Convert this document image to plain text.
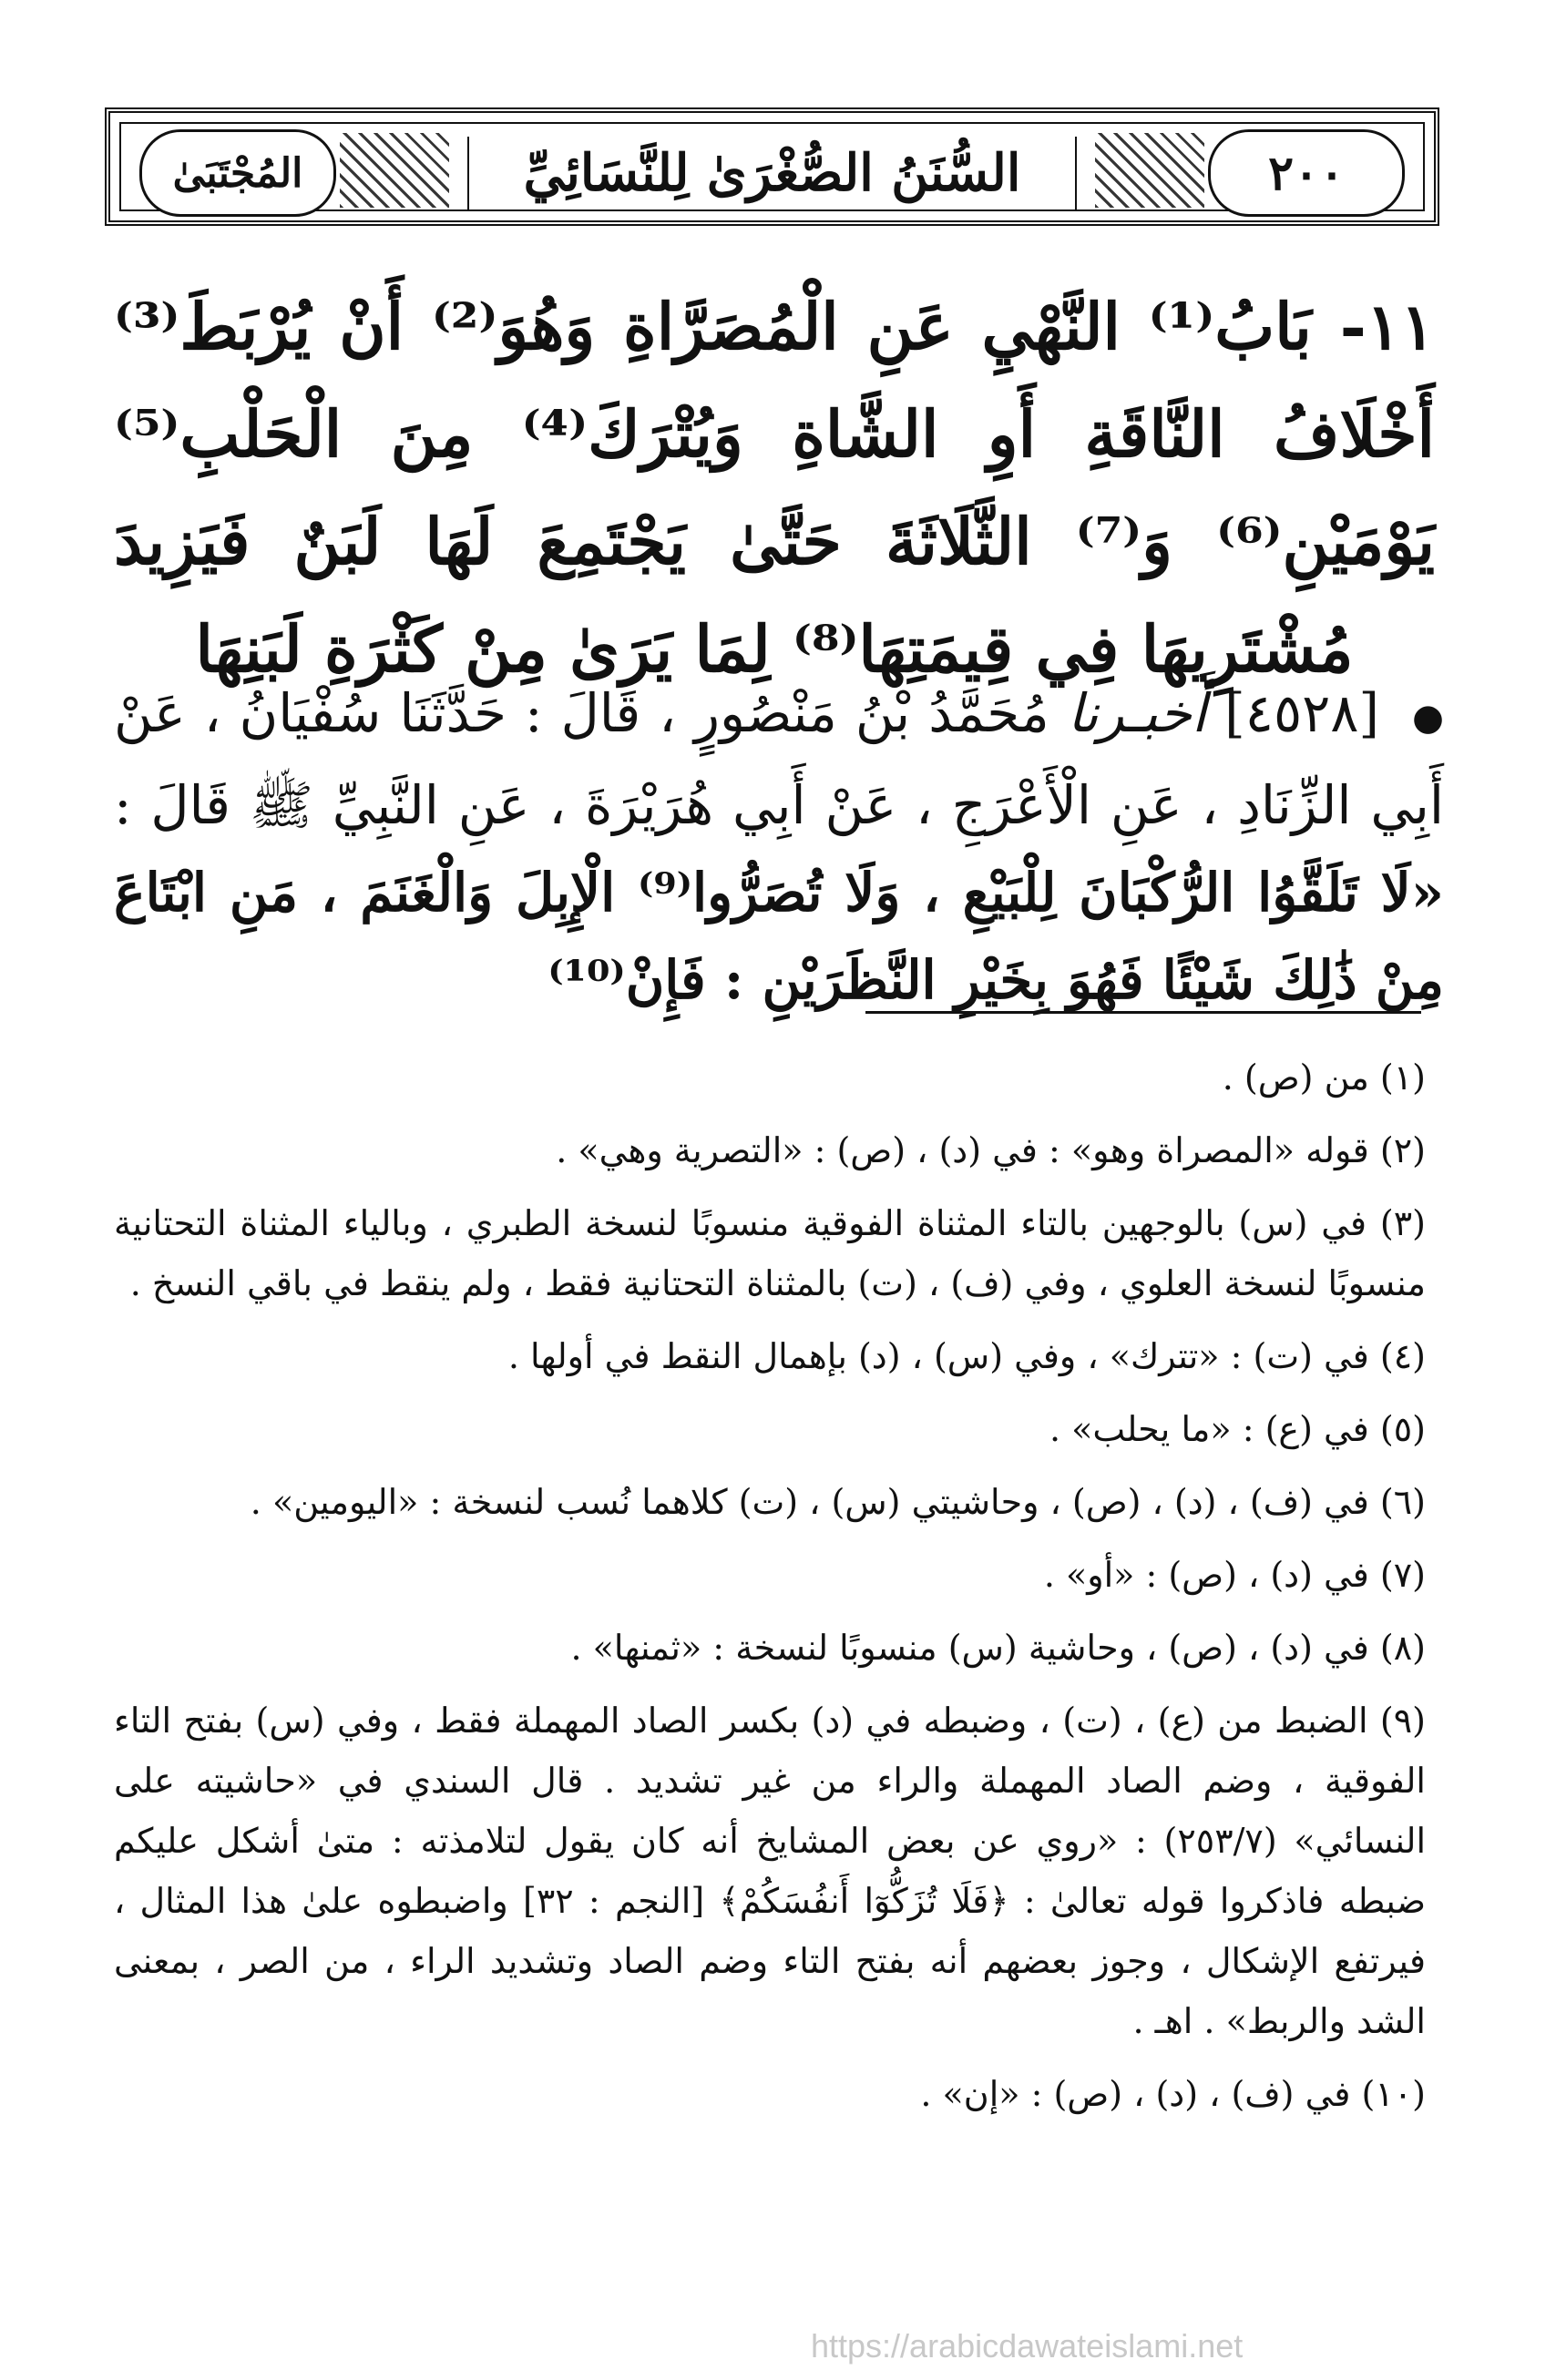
٢٠٠
السُّنَنُ الصُّغْرَىٰ لِلنَّسَائِيِّ
المُجْتَبَىٰ
١١- بَابُ⁽¹⁾ النَّهْيِ عَنِ الْمُصَرَّاةِ وَهُوَ⁽²⁾ أَنْ يُرْبَطَ⁽³⁾ أَخْلَافُ النَّاقَةِ أَوِ الشَّاةِ وَيُتْرَكَ⁽⁴⁾ مِنَ الْحَلْبِ⁽⁵⁾ يَوْمَيْنِ⁽⁶⁾ وَ⁽⁷⁾ الثَّلَاثَةَ حَتَّىٰ يَجْتَمِعَ لَهَا لَبَنٌ فَيَزِيدَ مُشْتَرِيهَا فِي قِيمَتِهَا⁽⁸⁾ لِمَا يَرَىٰ مِنْ كَثْرَةِ لَبَنِهَا
● [٤٥٢٨] أَخبـرنا مُحَمَّدُ بْنُ مَنْصُورٍ ، قَالَ : حَدَّثَنَا سُفْيَانُ ، عَنْ أَبِي الزِّنَادِ ، عَنِ الْأَعْرَجِ ، عَنْ أَبِي هُرَيْرَةَ ، عَنِ النَّبِيِّ ﷺ قَالَ : «لَا تَلَقَّوُا الرُّكْبَانَ لِلْبَيْعِ ، وَلَا تُصَرُّوا⁽⁹⁾ الْإِبِلَ وَالْغَنَمَ ، مَنِ ابْتَاعَ مِنْ ذَٰلِكَ شَيْئًا فَهُوَ بِخَيْرِ النَّظَرَيْنِ : فَإِنْ⁽¹⁰⁾
(١) من (ص) .
(٢) قوله «المصراة وهو» : في (د) ، (ص) : «التصرية وهي» .
(٣) في (س) بالوجهين بالتاء المثناة الفوقية منسوبًا لنسخة الطبري ، وبالياء المثناة التحتانية منسوبًا لنسخة العلوي ، وفي (ف) ، (ت) بالمثناة التحتانية فقط ، ولم ينقط في باقي النسخ .
(٤) في (ت) : «تترك» ، وفي (س) ، (د) بإهمال النقط في أولها .
(٥) في (ع) : «ما يحلب» .
(٦) في (ف) ، (د) ، (ص) ، وحاشيتي (س) ، (ت) كلاهما نُسب لنسخة : «اليومين» .
(٧) في (د) ، (ص) : «أو» .
(٨) في (د) ، (ص) ، وحاشية (س) منسوبًا لنسخة : «ثمنها» .
(٩) الضبط من (ع) ، (ت) ، وضبطه في (د) بكسر الصاد المهملة فقط ، وفي (س) بفتح التاء الفوقية ، وضم الصاد المهملة والراء من غير تشديد . قال السندي في «حاشيته على النسائي» (٢٥٣/٧) : «روي عن بعض المشايخ أنه كان يقول لتلامذته : متىٰ أشكل عليكم ضبطه فاذكروا قوله تعالىٰ : ﴿فَلَا تُزَكُّوٓا أَنفُسَكُمْ﴾ [النجم : ٣٢] واضبطوه علىٰ هذا المثال ، فيرتفع الإشكال ، وجوز بعضهم أنه بفتح التاء وضم الصاد وتشديد الراء ، من الصر ، بمعنى الشد والربط» . اهـ .
(١٠) في (ف) ، (د) ، (ص) : «إن» .
https://arabicdawateislami.net
